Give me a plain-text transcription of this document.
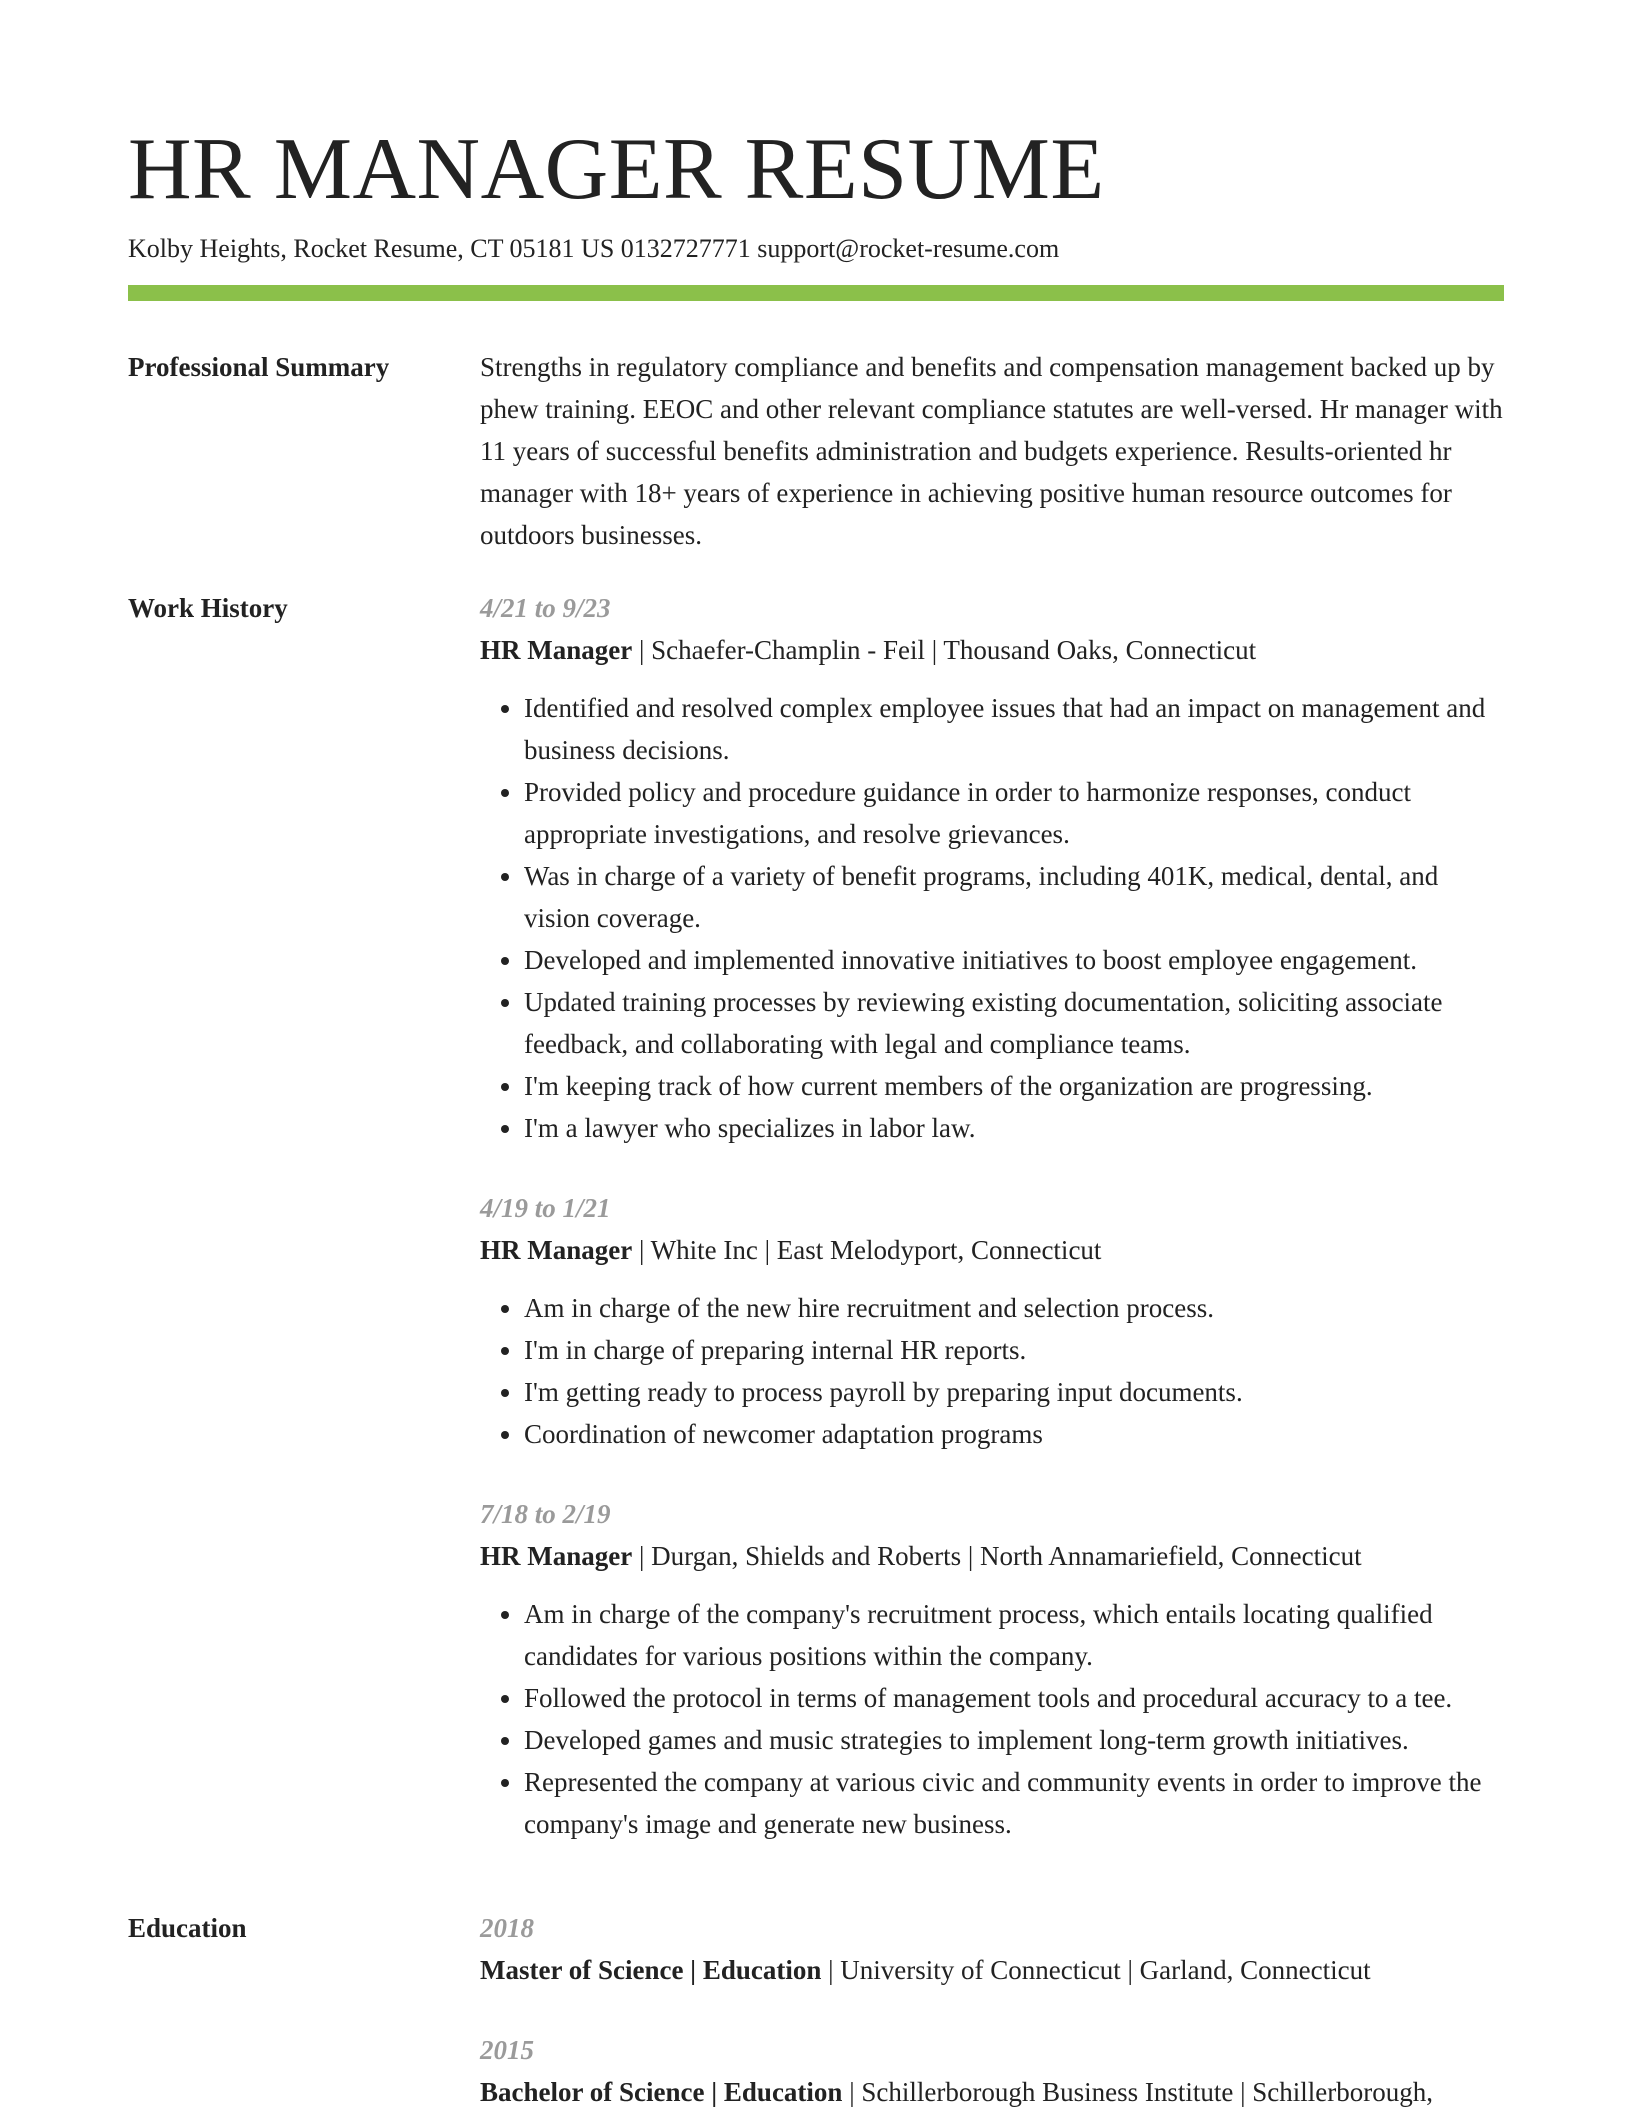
HR MANAGER RESUME
Kolby Heights, Rocket Resume, CT 05181 US 0132727771 support@rocket-resume.com
Professional Summary	Strengths in regulatory compliance and benefits and compensation management backed up by phew training. EEOC and other relevant compliance statutes are well-versed. Hr manager with 11 years of successful benefits administration and budgets experience. Results-oriented hr manager with 18+ years of experience in achieving positive human resource outcomes for outdoors businesses.

Work History	4/21 to 9/23
HR Manager | Schaefer-Champlin - Feil | Thousand Oaks, Connecticut
• Identified and resolved complex employee issues that had an impact on management and business decisions.
• Provided policy and procedure guidance in order to harmonize responses, conduct appropriate investigations, and resolve grievances.
• Was in charge of a variety of benefit programs, including 401K, medical, dental, and vision coverage.
• Developed and implemented innovative initiatives to boost employee engagement.
• Updated training processes by reviewing existing documentation, soliciting associate feedback, and collaborating with legal and compliance teams.
• I'm keeping track of how current members of the organization are progressing.
• I'm a lawyer who specializes in labor law.
4/19 to 1/21
HR Manager | White Inc | East Melodyport, Connecticut
• Am in charge of the new hire recruitment and selection process.
• I'm in charge of preparing internal HR reports.
• I'm getting ready to process payroll by preparing input documents.
• Coordination of newcomer adaptation programs
7/18 to 2/19
HR Manager | Durgan, Shields and Roberts | North Annamariefield, Connecticut
• Am in charge of the company's recruitment process, which entails locating qualified candidates for various positions within the company.
• Followed the protocol in terms of management tools and procedural accuracy to a tee.
• Developed games and music strategies to implement long-term growth initiatives.
• Represented the company at various civic and community events in order to improve the company's image and generate new business.
Education	2018
Master of Science | Education | University of Connecticut | Garland, Connecticut
2015
Bachelor of Science | Education | Schillerborough Business Institute | Schillerborough,
